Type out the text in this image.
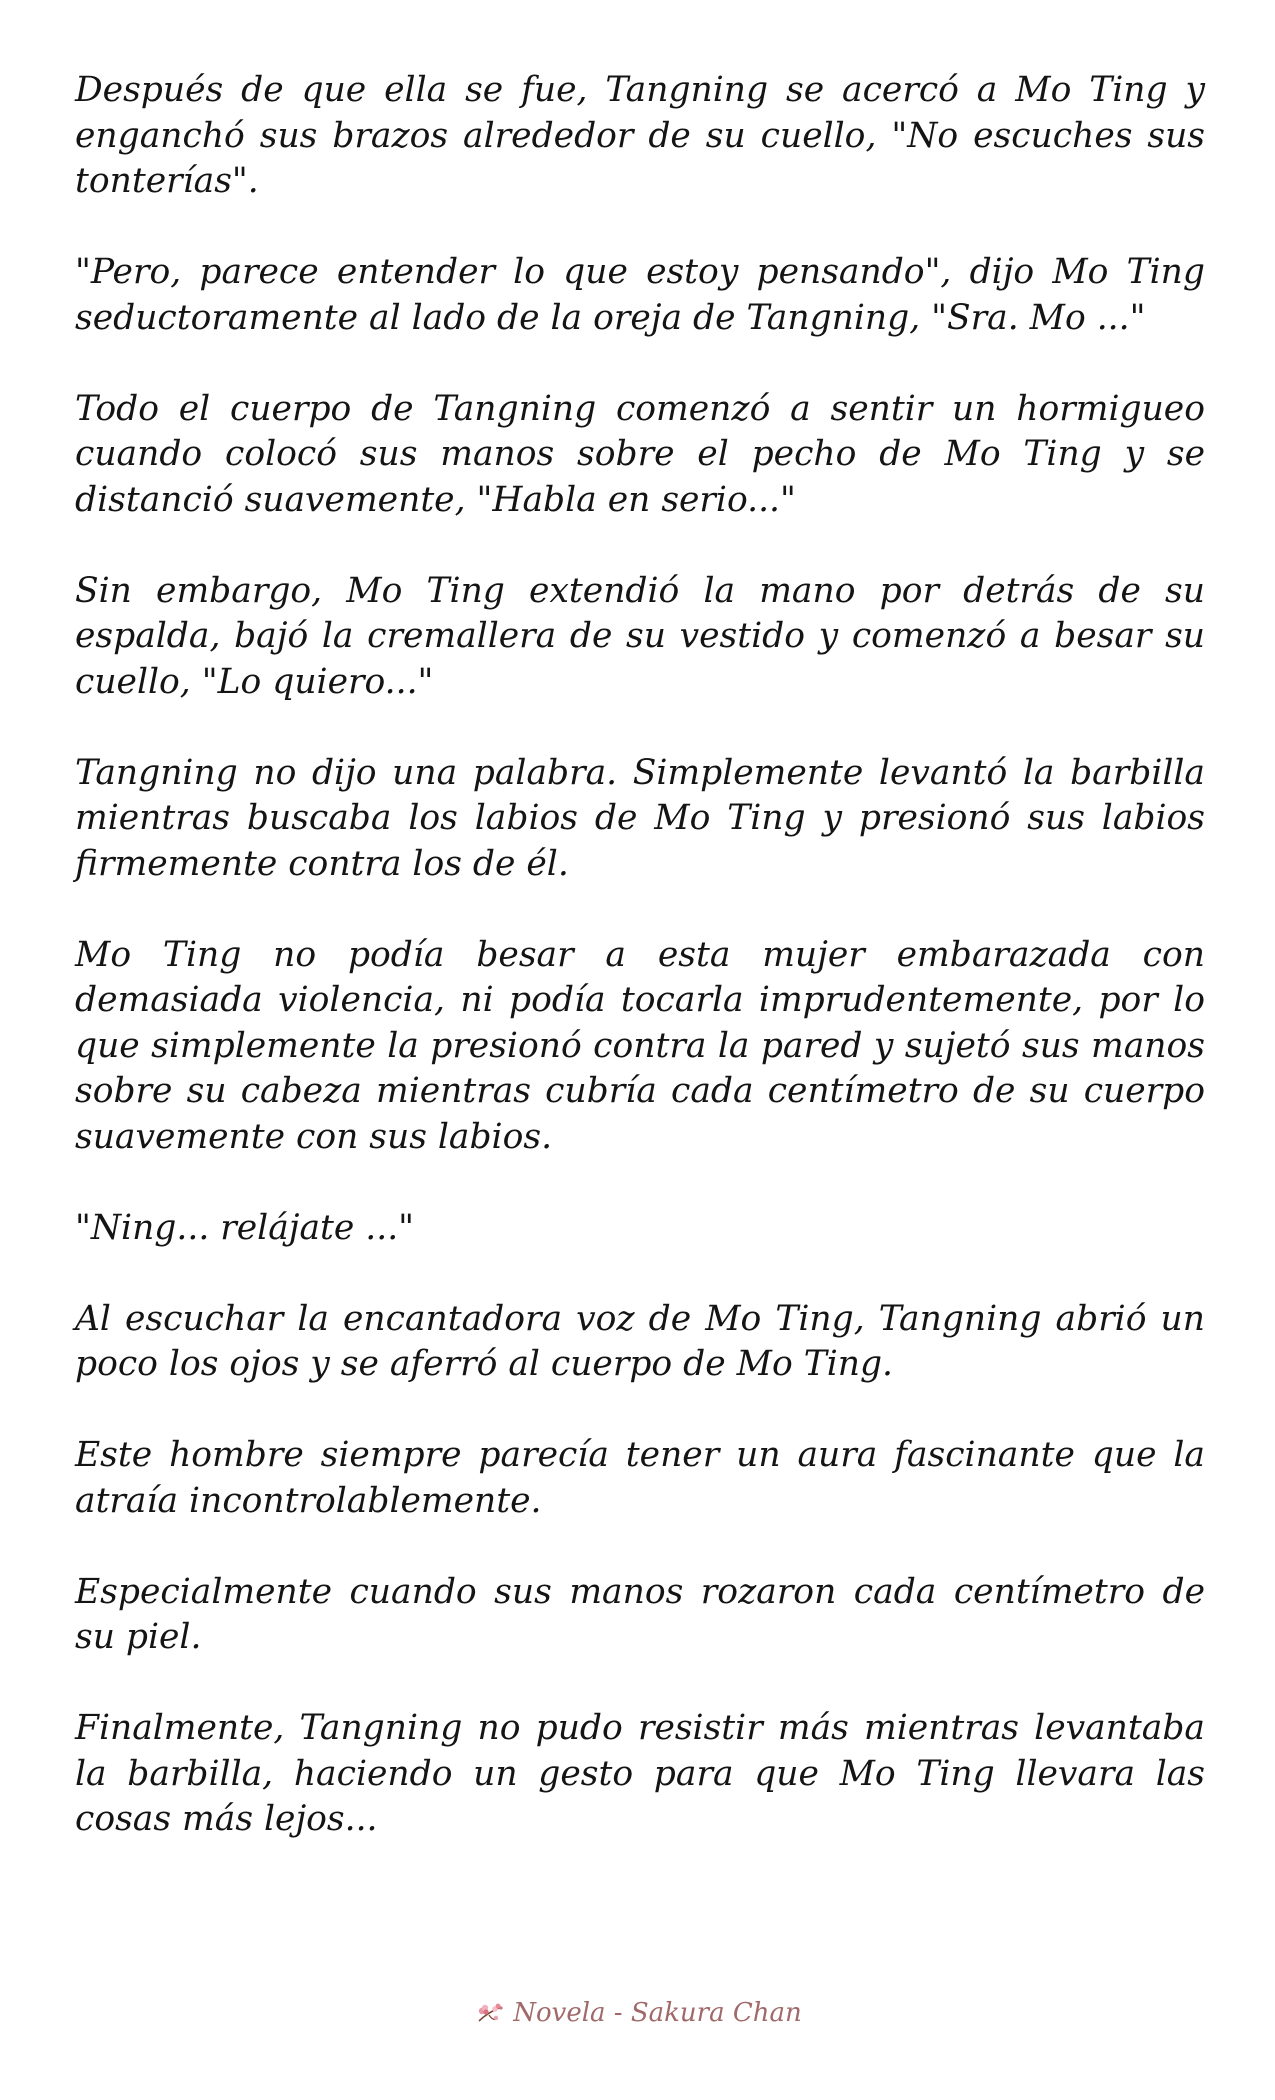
Después de que ella se fue, Tangning se acercó a Mo Ting y enganchó sus brazos alrededor de su cuello, "No escuches sus tonterías".

"Pero, parece entender lo que estoy pensando", dijo Mo Ting seductoramente al lado de la oreja de Tangning, "Sra. Mo ..."

Todo el cuerpo de Tangning comenzó a sentir un hormigueo cuando colocó sus manos sobre el pecho de Mo Ting y se distanció suavemente, "Habla en serio..."

Sin embargo, Mo Ting extendió la mano por detrás de su espalda, bajó la cremallera de su vestido y comenzó a besar su cuello, "Lo quiero..."

Tangning no dijo una palabra. Simplemente levantó la barbilla mientras buscaba los labios de Mo Ting y presionó sus labios firmemente contra los de él.

Mo Ting no podía besar a esta mujer embarazada con demasiada violencia, ni podía tocarla imprudentemente, por lo que simplemente la presionó contra la pared y sujetó sus manos sobre su cabeza mientras cubría cada centímetro de su cuerpo suavemente con sus labios.

"Ning... relájate ..."

Al escuchar la encantadora voz de Mo Ting, Tangning abrió un poco los ojos y se aferró al cuerpo de Mo Ting.

Este hombre siempre parecía tener un aura fascinante que la atraía incontrolablemente.

Especialmente cuando sus manos rozaron cada centímetro de su piel.

Finalmente, Tangning no pudo resistir más mientras levantaba la barbilla, haciendo un gesto para que Mo Ting llevara las cosas más lejos...

Novela - Sakura Chan
